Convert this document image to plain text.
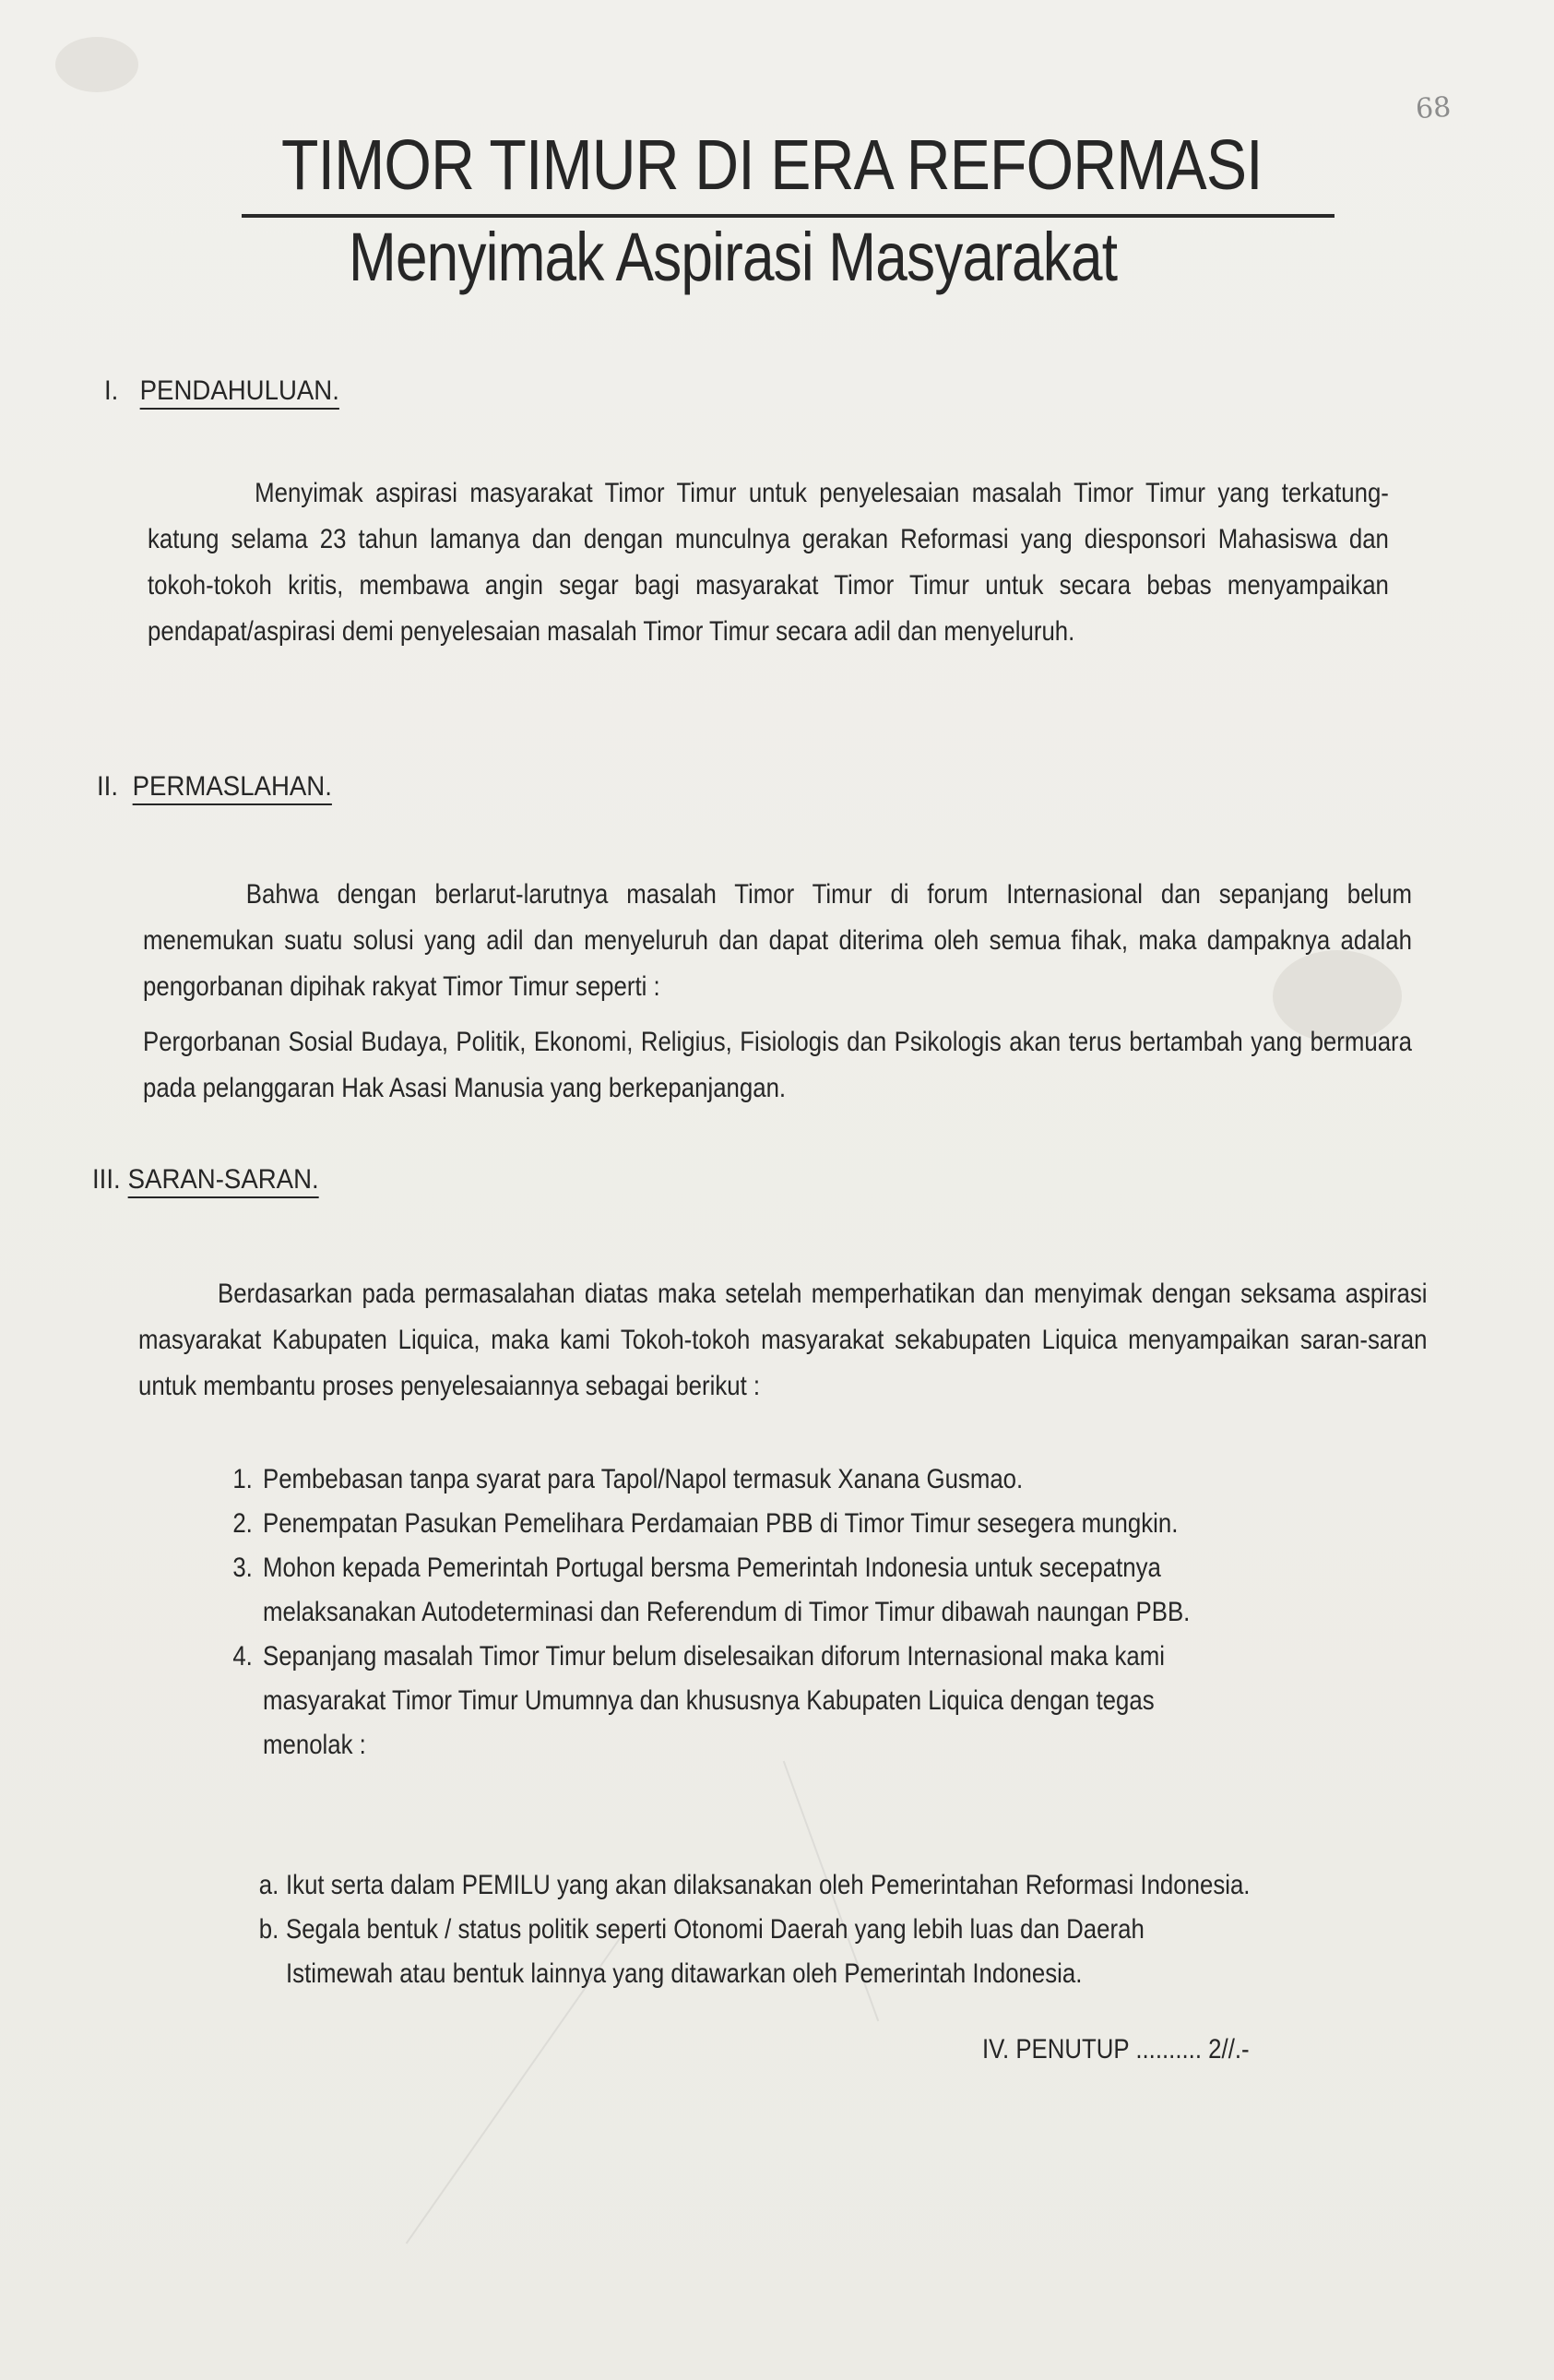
68
TIMOR TIMUR DI ERA REFORMASI
Menyimak Aspirasi Masyarakat
I. PENDAHULUAN.
Menyimak aspirasi masyarakat Timor Timur untuk penyelesaian masalah Timor Timur yang terkatung-katung selama 23 tahun lamanya dan dengan munculnya gerakan Reformasi yang diesponsori Mahasiswa dan tokoh-tokoh kritis, membawa angin segar bagi masyarakat Timor Timur untuk secara bebas menyampaikan pendapat/aspirasi demi penyelesaian masalah Timor Timur secara adil dan menyeluruh.
II. PERMASLAHAN.
Bahwa dengan berlarut-larutnya masalah Timor Timur di forum Internasional dan sepanjang belum menemukan suatu solusi yang adil dan menyeluruh dan dapat diterima oleh semua fihak, maka dampaknya adalah pengorbanan dipihak rakyat Timor Timur seperti :
Pergorbanan Sosial Budaya, Politik, Ekonomi, Religius, Fisiologis dan Psikologis akan terus bertambah yang bermuara pada pelanggaran Hak Asasi Manusia yang berkepanjangan.
III. SARAN-SARAN.
Berdasarkan pada permasalahan diatas maka setelah memperhatikan dan menyimak dengan seksama aspirasi masyarakat Kabupaten Liquica, maka kami Tokoh-tokoh masyarakat sekabupaten Liquica menyampaikan saran-saran untuk membantu proses penyelesaiannya sebagai berikut :
1. Pembebasan tanpa syarat para Tapol/Napol termasuk Xanana Gusmao.
2. Penempatan Pasukan Pemelihara Perdamaian PBB di Timor Timur sesegera mungkin.
3. Mohon kepada Pemerintah Portugal bersma Pemerintah Indonesia untuk secepatnya
melaksanakan Autodeterminasi dan Referendum di Timor Timur dibawah naungan PBB.
4. Sepanjang masalah Timor Timur belum diselesaikan diforum Internasional maka kami
masyarakat Timor Timur Umumnya dan khususnya Kabupaten Liquica dengan tegas
menolak :
a. Ikut serta dalam PEMILU yang akan dilaksanakan oleh Pemerintahan Reformasi Indonesia.
b. Segala bentuk / status politik seperti Otonomi Daerah yang lebih luas dan Daerah
Istimewah atau bentuk lainnya yang ditawarkan oleh Pemerintah Indonesia.
IV. PENUTUP .......... 2//.-
